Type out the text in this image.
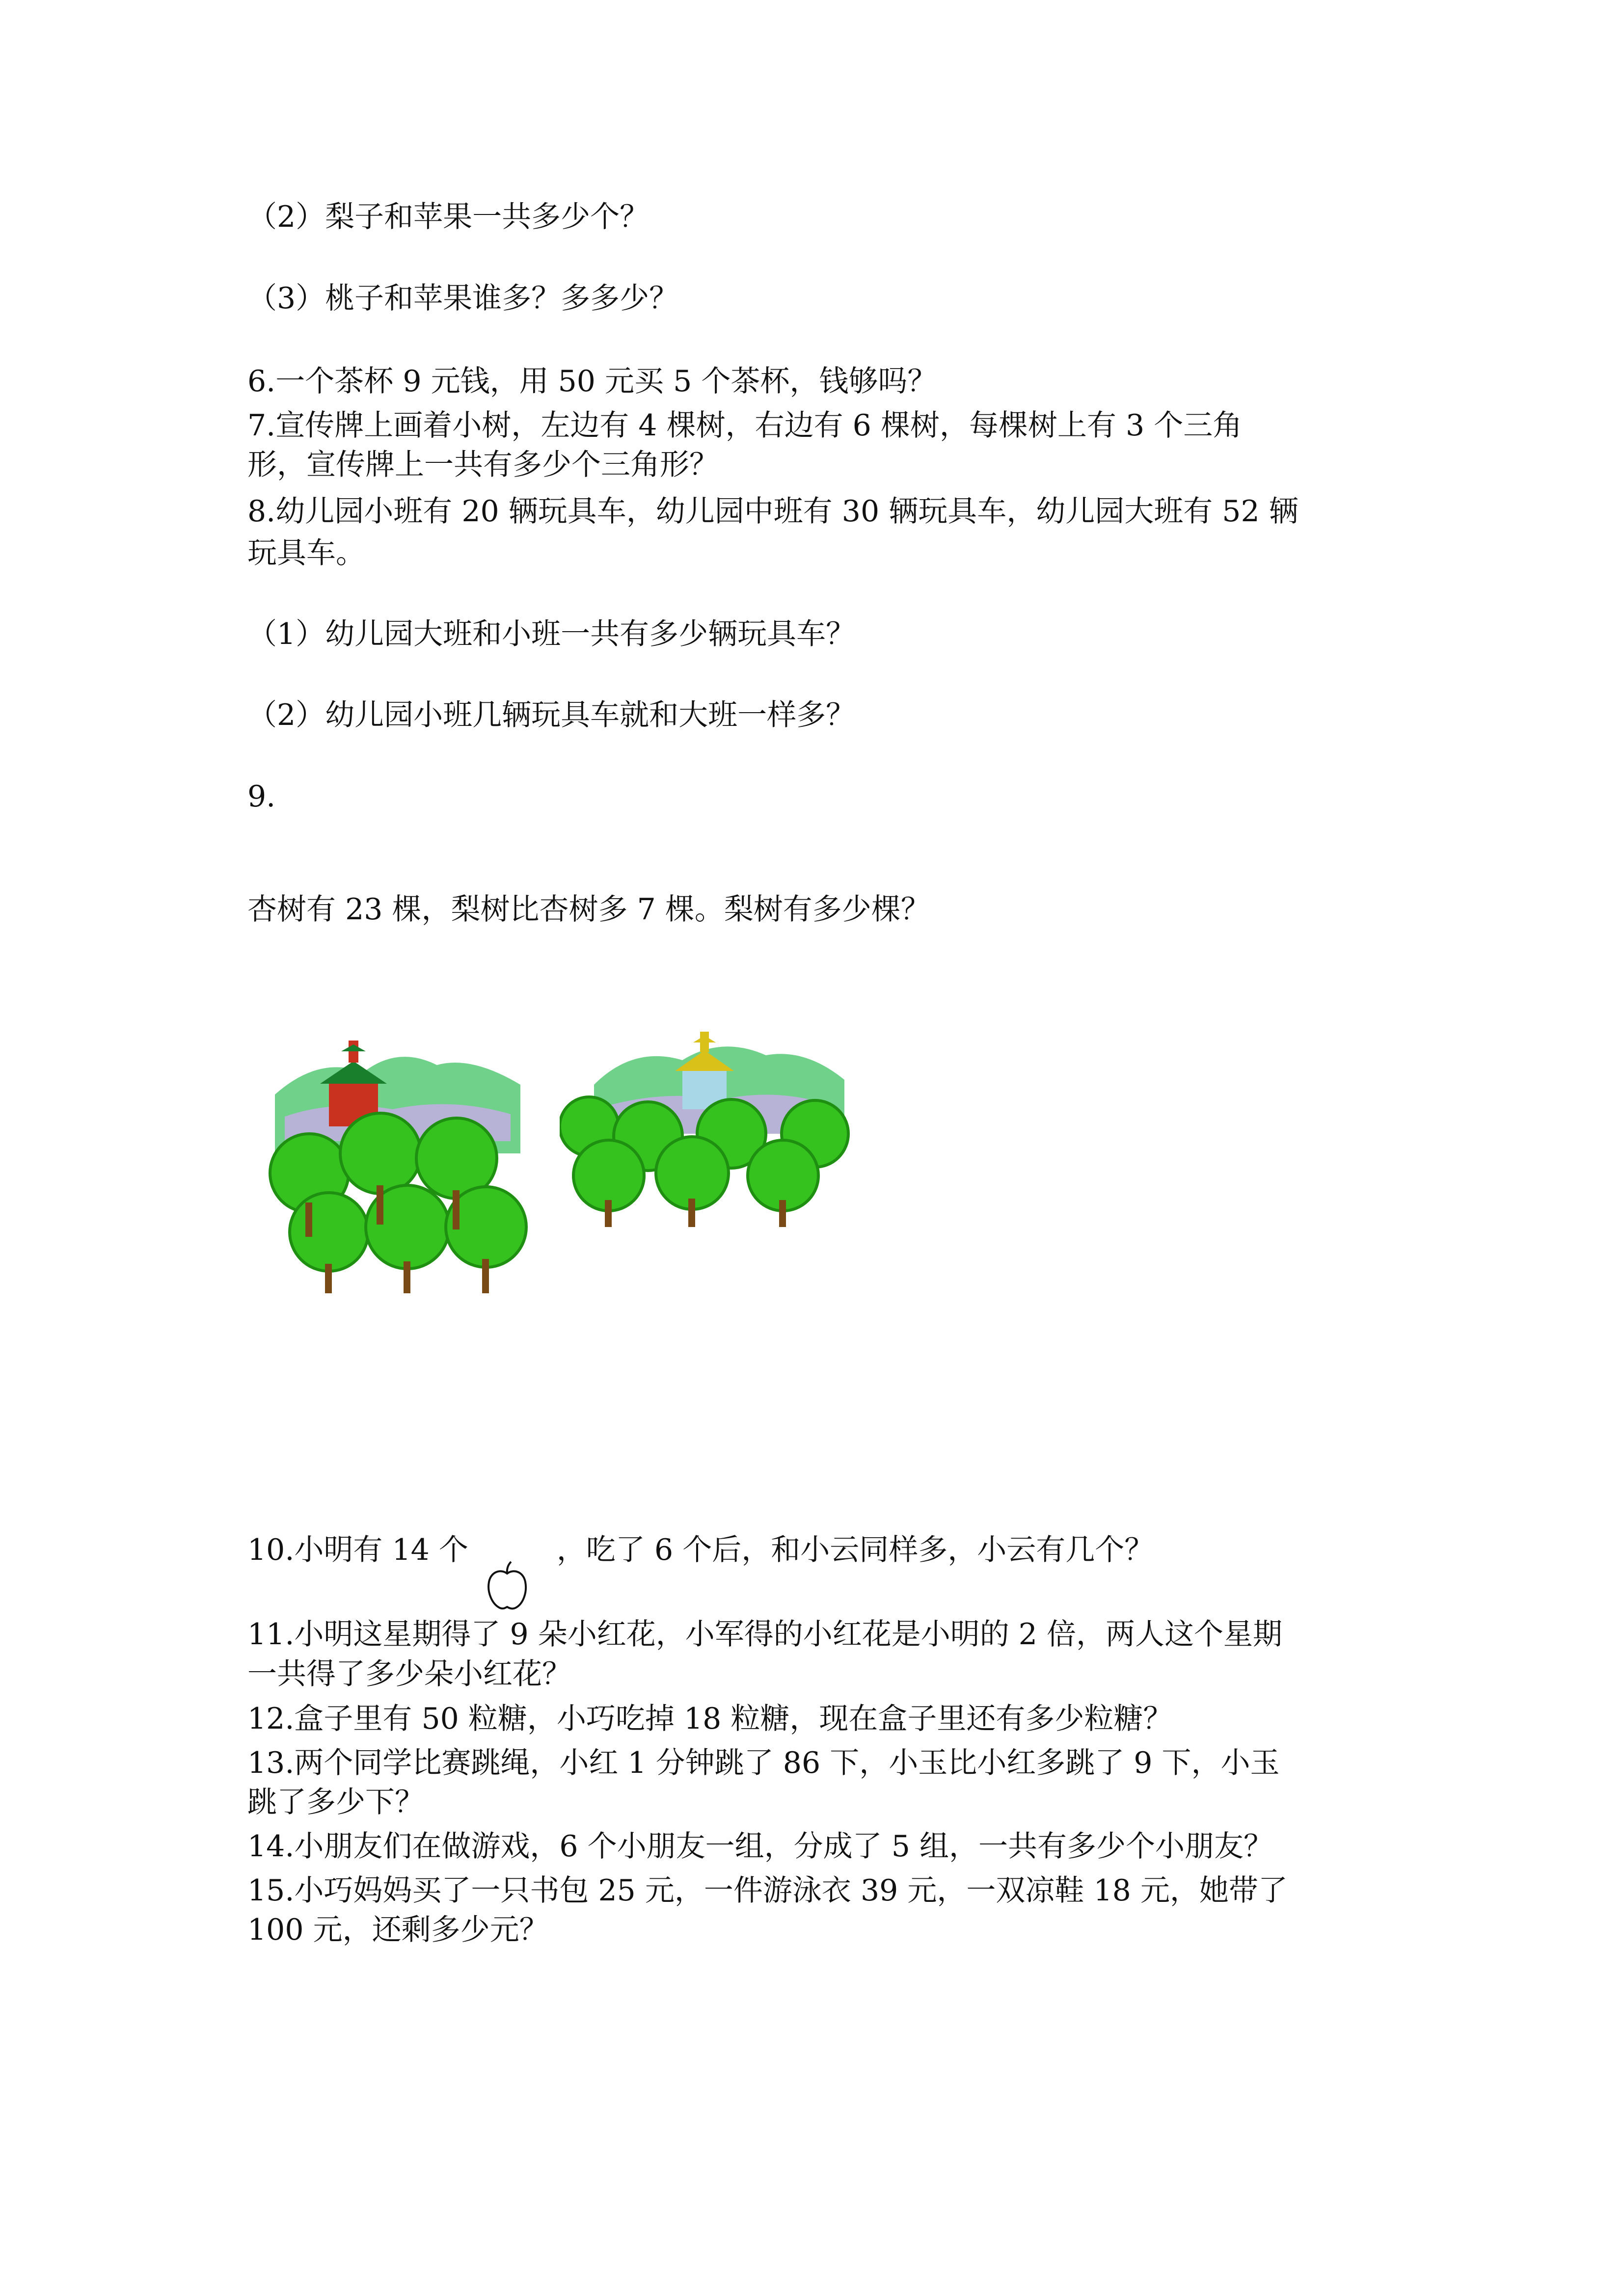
（2）梨子和苹果一共多少个？

（3）桃子和苹果谁多？多多少？

6.一个茶杯 9 元钱，用 50 元买 5 个茶杯，钱够吗？

7.宣传牌上画着小树，左边有 4 棵树，右边有 6 棵树，每棵树上有 3 个三角

形，宣传牌上一共有多少个三角形？

8.幼儿园小班有 20 辆玩具车，幼儿园中班有 30 辆玩具车，幼儿园大班有 52 辆

玩具车。

（1）幼儿园大班和小班一共有多少辆玩具车？

（2）幼儿园小班几辆玩具车就和大班一样多？

9.

杏树有 23 棵，梨树比杏树多 7 棵。梨树有多少棵？

10.小明有 14 个	，吃了 6 个后，和小云同样多，小云有几个？

11.小明这星期得了 9 朵小红花，小军得的小红花是小明的 2 倍，两人这个星期

一共得了多少朵小红花？

12.盒子里有 50 粒糖，小巧吃掉 18 粒糖，现在盒子里还有多少粒糖？

13.两个同学比赛跳绳，小红 1 分钟跳了 86 下，小玉比小红多跳了 9 下，小玉

跳了多少下？

14.小朋友们在做游戏，6 个小朋友一组，分成了 5 组，一共有多少个小朋友？

15.小巧妈妈买了一只书包 25 元，一件游泳衣 39 元，一双凉鞋 18 元，她带了

100 元，还剩多少元？
